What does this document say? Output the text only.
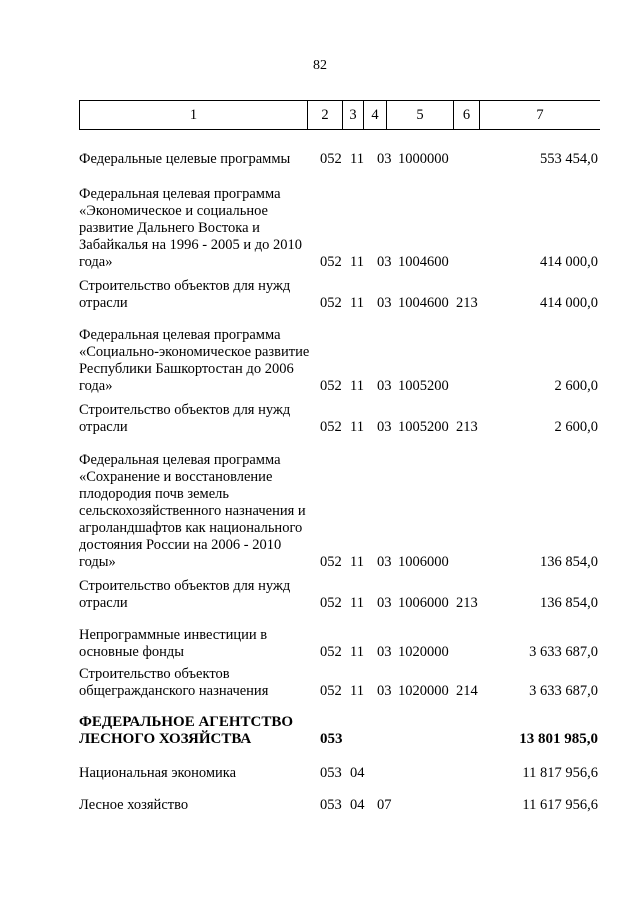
82
1	2	3	4	5	6	7
Федеральные целевые программы	052 11 03 1000000	553 454,0
Федеральная целевая программа «Экономическое и социальное развитие Дальнего Востока и Забайкалья на 1996 - 2005 и до 2010 года»	052 11 03 1004600	414 000,0
Строительство объектов для нужд отрасли	052 11 03 1004600 213	414 000,0
Федеральная целевая программа «Социально-экономическое развитие Республики Башкортостан до 2006 года»	052 11 03 1005200	2 600,0
Строительство объектов для нужд отрасли	052 11 03 1005200 213	2 600,0
Федеральная целевая программа «Сохранение и восстановление плодородия почв земель сельскохозяйственного назначения и агроландшафтов как национального достояния России на 2006 - 2010 годы»	052 11 03 1006000	136 854,0
Строительство объектов для нужд отрасли	052 11 03 1006000 213	136 854,0
Непрограммные инвестиции в основные фонды	052 11 03 1020000	3 633 687,0
Строительство объектов общегражданского назначения	052 11 03 1020000 214	3 633 687,0
ФЕДЕРАЛЬНОЕ АГЕНТСТВО ЛЕСНОГО ХОЗЯЙСТВА	053	13 801 985,0
Национальная экономика	053 04	11 817 956,6
Лесное хозяйство	053 04 07	11 617 956,6
